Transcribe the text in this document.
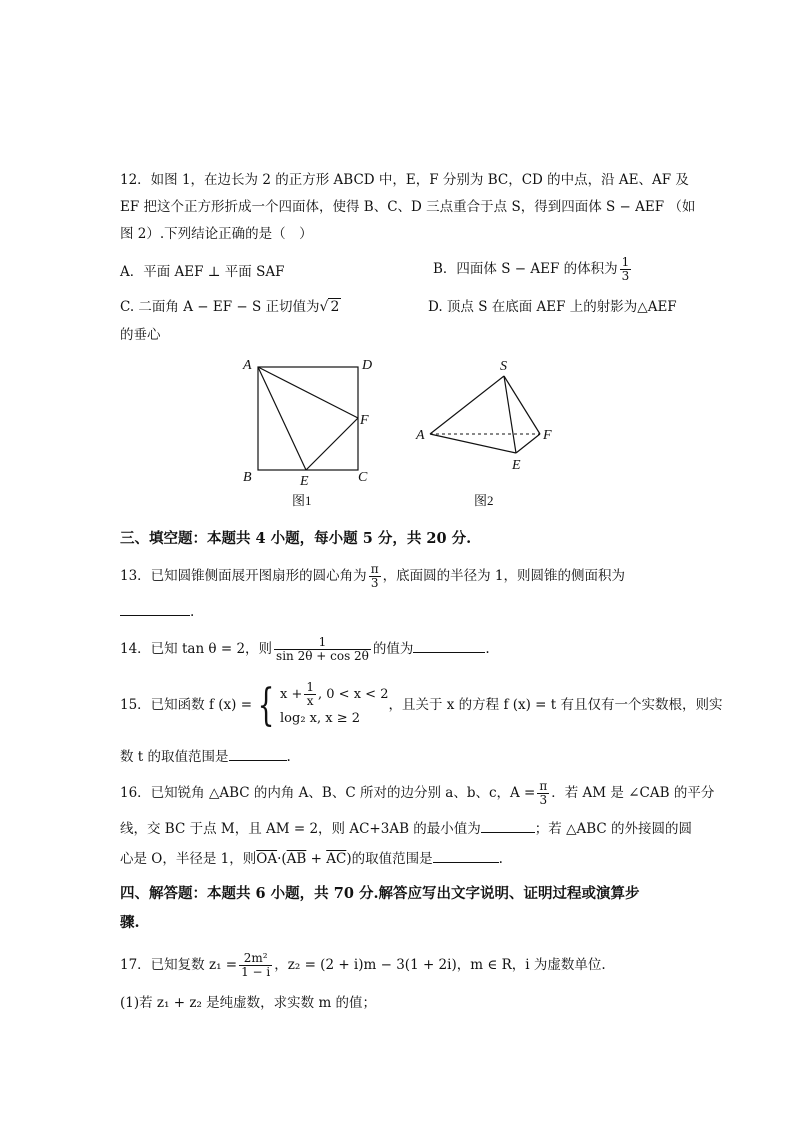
12．如图 1，在边长为 2 的正方形 ABCD 中，E，F 分别为 BC，CD 的中点，沿 AE、AF 及
EF 把这个正方形折成一个四面体，使得 B、C、D 三点重合于点 S，得到四面体 S − AEF （如
图 2）.下列结论正确的是（　）
A．平面 AEF ⊥ 平面 SAF	B．四面体 S − AEF 的体积为 $\frac{1}{3}$
C. 二面角 A − EF − S 正切值为√ 2	D. 顶点 S 在底面 AEF 上的射影为△AEF
的垂心
A	D
F
B	E	C
图1
S
A	F
E
图2
三、填空题：本题共 4 小题，每小题 5 分，共 20 分.
13．已知圆锥侧面展开图扇形的圆心角为 $\frac{\pi}{3}$ ，底面圆的半径为 1，则圆锥的侧面积为
.
14．已知 tan θ = 2，则 $\frac{1}{\sin 2\theta + \cos 2\theta}$ 的值为	.
15．已知函数 f (x) = { $x + \frac{1}{x}$ , 0 < x < 2
log₂ x, x ≥ 2
，且关于 x 的方程 f (x) = t 有且仅有一个实数根，则实
数 t 的取值范围是	.
16．已知锐角 △ABC 的内角 A、B、C 所对的边分别 a、b、c，$A = \frac{\pi}{3}$ ．若 AM 是 ∠CAB 的平分
线，交 BC 于点 M，且 AM = 2，则 AC+3AB 的最小值为	；若 △ABC 的外接圆的圆
心是 O，半径是 1，则$\overline{OA}\cdot(\overline{AB} + \overline{AC})$的取值范围是	.
四、解答题：本题共 6 小题，共 70 分.解答应写出文字说明、证明过程或演算步
骤.
17．已知复数 $z_1 = \frac{\text{2m²}}{1 - i}$ ，z₂ = (2 + i)m − 3(1 + 2i)，m ∈ R，i 为虚数单位.
(1)若 z₁ + z₂ 是纯虚数，求实数 m 的值；
